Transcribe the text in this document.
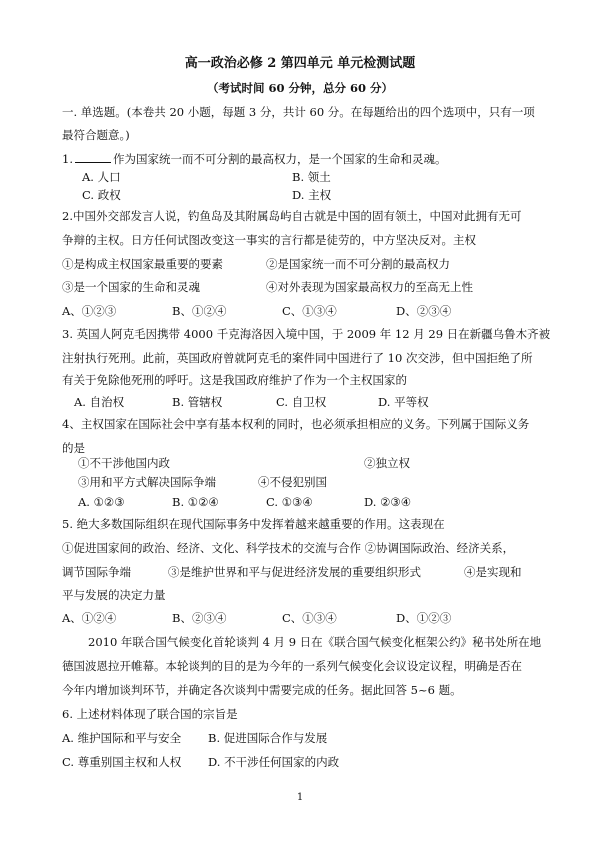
高一政治必修 2 第四单元 单元检测试题
（考试时间 60 分钟，总分 60 分）
一. 单选题。(本卷共 20 小题，每题 3 分，共计 60 分。在每题给出的四个选项中，只有一项
最符合题意。)
1.	作为国家统一而不可分割的最高权力，是一个国家的生命和灵魂。
A. 人口	B. 领土
C. 政权	D. 主权
2.中国外交部发言人说，钓鱼岛及其附属岛屿自古就是中国的固有领土，中国对此拥有无可
争辩的主权。日方任何试图改变这一事实的言行都是徒劳的，中方坚决反对。主权
①是构成主权国家最重要的要素	②是国家统一而不可分割的最高权力
③是一个国家的生命和灵魂	④对外表现为国家最高权力的至高无上性
A、①②③	B、①②④	C、①③④	D、②③④
3. 英国人阿克毛因携带 4000 千克海洛因入境中国，于 2009 年 12 月 29 日在新疆乌鲁木齐被
注射执行死刑。此前，英国政府曾就阿克毛的案件同中国进行了 10 次交涉，但中国拒绝了所
有关于免除他死刑的呼吁。这是我国政府维护了作为一个主权国家的
A. 自治权	B. 管辖权	C. 自卫权	D. 平等权
4、主权国家在国际社会中享有基本权利的同时，也必须承担相应的义务。下列属于国际义务
的是
①不干涉他国内政	②独立权
③用和平方式解决国际争端	④不侵犯别国
A. ①②③	B. ①②④	C. ①③④	D. ②③④
5. 绝大多数国际组织在现代国际事务中发挥着越来越重要的作用。这表现在
①促进国家间的政治、经济、文化、科学技术的交流与合作 ②协调国际政治、经济关系，
调节国际争端	③是维护世界和平与促进经济发展的重要组织形式	④是实现和
平与发展的决定力量
A、①②④	B、②③④	C、①③④	D、①②③
2010 年联合国气候变化首轮谈判 4 月 9 日在《联合国气候变化框架公约》秘书处所在地
德国波恩拉开帷幕。本轮谈判的目的是为今年的一系列气候变化会议设定议程，明确是否在
今年内增加谈判环节，并确定各次谈判中需要完成的任务。据此回答 5~6 题。
6. 上述材料体现了联合国的宗旨是
A. 维护国际和平与安全 B. 促进国际合作与发展
C. 尊重别国主权和人权 D. 不干涉任何国家的内政
1
